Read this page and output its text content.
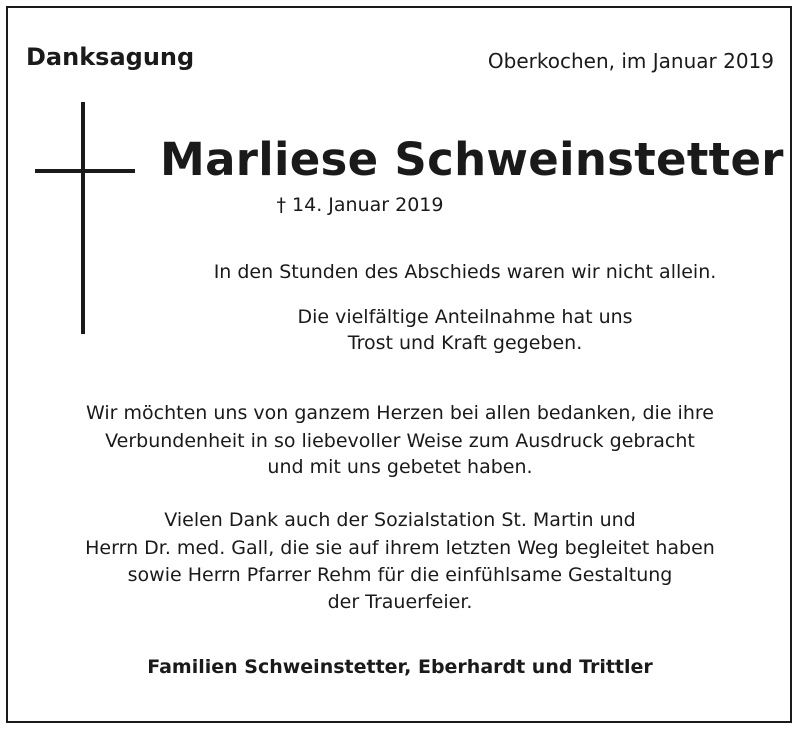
Danksagung	Oberkochen, im Januar 2019
Marliese Schweinstetter
† 14. Januar 2019
In den Stunden des Abschieds waren wir nicht allein.
Die vielfältige Anteilnahme hat uns
Trost und Kraft gegeben.
Wir möchten uns von ganzem Herzen bei allen bedanken, die ihre
Verbundenheit in so liebevoller Weise zum Ausdruck gebracht
und mit uns gebetet haben.
Vielen Dank auch der Sozialstation St. Martin und
Herrn Dr. med. Gall, die sie auf ihrem letzten Weg begleitet haben
sowie Herrn Pfarrer Rehm für die einfühlsame Gestaltung
der Trauerfeier.
Familien Schweinstetter, Eberhardt und Trittler
